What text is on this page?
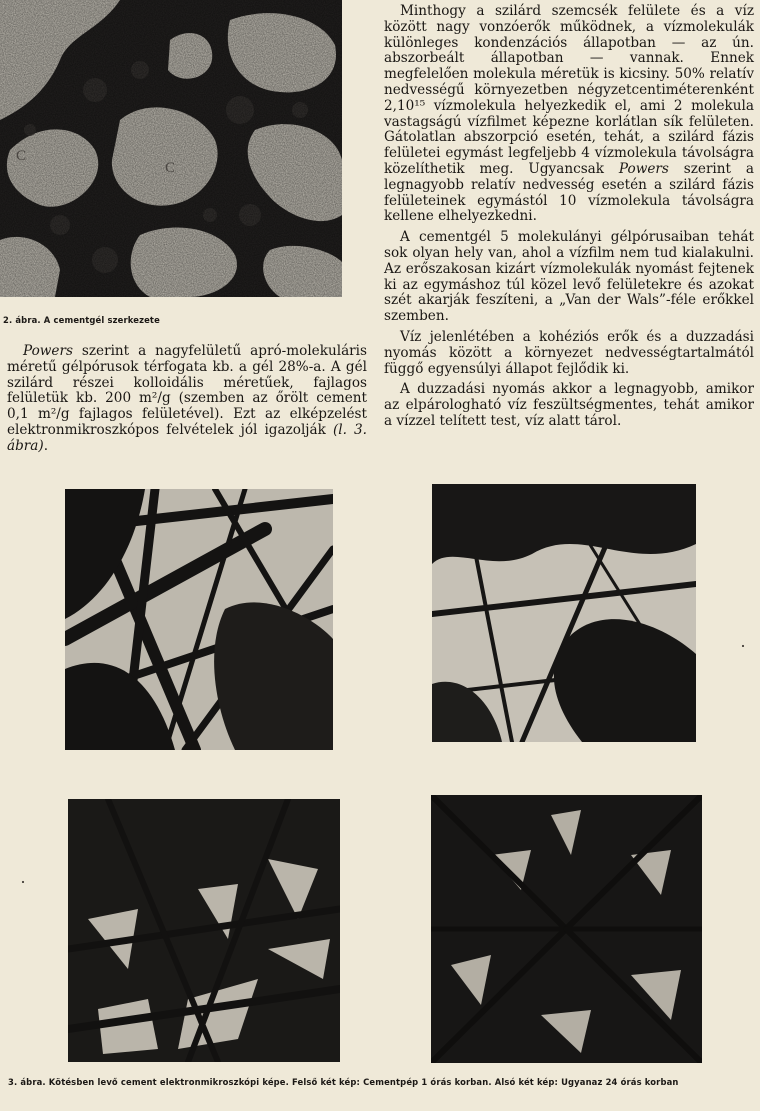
C
C
2. ábra. A cementgél szerkezete

Powers szerint a nagyfelületű apró-molekuláris méretű gélpórusok térfogata kb. a gél 28%-a. A gél szilárd részei kolloidális méretűek, fajlagos felületük kb. 200 m²/g (szemben az őrölt cement 0,1 m²/g fajlagos felületével). Ezt az elképzelést elektronmikroszkópos felvételek jól igazolják (l. 3. ábra).

Minthogy a szilárd szemcsék felülete és a víz között nagy vonzóerők működnek, a vízmolekulák különleges kondenzációs állapotban — az ún. abszorbeált állapotban — vannak. Ennek megfelelően molekula méretük is kicsiny. 50% relatív nedvességű környezetben négyzetcentiméterenként 2,10¹⁵ vízmolekula helyezkedik el, ami 2 molekula vastagságú vízfilmet képezne korlátlan sík felületen. Gátolatlan abszorpció esetén, tehát, a szilárd fázis felületei egymást legfeljebb 4 vízmolekula távolságra közelíthetik meg. Ugyancsak Powers szerint a legnagyobb relatív nedvesség esetén a szilárd fázis felületeinek egymástól 10 vízmolekula távolságra kellene elhelyezkedni.

A cementgél 5 molekulányi gélpórusaiban tehát sok olyan hely van, ahol a vízfilm nem tud kialakulni. Az erőszakosan kizárt vízmolekulák nyomást fejtenek ki az egymáshoz túl közel levő felületekre és azokat szét akarják feszíteni, a „Van der Wals”-féle erőkkel szemben.

Víz jelenlétében a kohéziós erők és a duzzadási nyomás között a környezet nedvességtartalmától függő egyensúlyi állapot fejlődik ki.

A duzzadási nyomás akkor a legnagyobb, amikor az elpárologható víz feszültségmentes, tehát amikor a vízzel telített test, víz alatt tárol.

3. ábra. Kötésben levő cement elektronmikroszkópi képe. Felső két kép: Cementpép 1 órás korban. Alsó két kép: Ugyanaz 24 órás korban
·
·
